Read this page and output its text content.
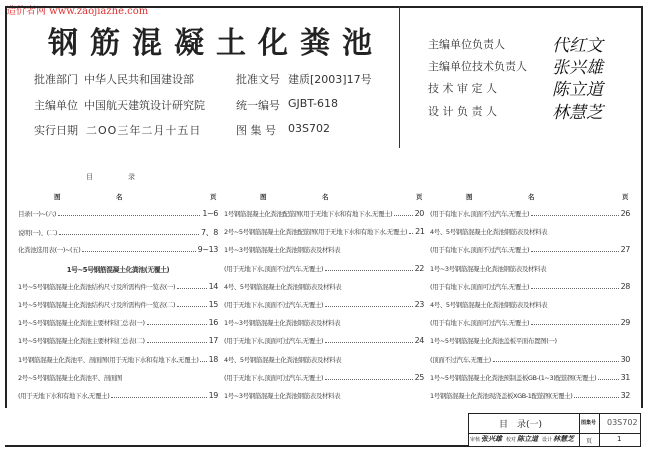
造价者网 www.zaojiazhe.com
钢筋混凝土化粪池
批准部门 中华人民共和国建设部
主编单位 中国航天建筑设计研究院
实行日期 二OO三年二月十五日
批准文号 建质[2003]17号
统一编号 GJBT-618
图 集 号 03S702
主编单位负责人	代红文
主编单位技术负责人 张兴雄
技 术 审 定 人	陈立道
设 计 负 责 人	林慧芝
目　　　　　录
图	名	页
目录(一)~(六)	1~6
说明(一)、(二)	7、8
化粪池选用表(一)~(五)	9~13
1号~5号钢筋混凝土化粪池(无覆土)
1号~5号钢筋混凝土化粪池结构尺寸及所需构件一览表(一)	14
1号~5号钢筋混凝土化粪池结构尺寸及所需构件一览表(二)	15
1号~5号钢筋混凝土化粪池主要材料汇总表(一)	16
1号~5号钢筋混凝土化粪池主要材料汇总表(二)	17
1号钢筋混凝土化粪池平、剖面图(用于无地下水和有地下水,无覆土) 18
2号~5号钢筋混凝土化粪池平、剖面图
(用于无地下水和有地下水,无覆土)	19
图	名	页
1号钢筋混凝土化粪池配筋图(用于无地下水和有地下水,无覆土)	20
2号~5号钢筋混凝土化粪池配筋图(用于无地下水和有地下水,无覆土) 21
1号~3号钢筋混凝土化粪池钢筋表及材料表
(用于无地下水,顶面不过汽车,无覆土)	22
4号、5号钢筋混凝土化粪池钢筋表及材料表
(用于无地下水,顶面不过汽车,无覆土)	23
1号~3号钢筋混凝土化粪池钢筋表及材料表
(用于无地下水,顶面可过汽车,无覆土)	24
4号、5号钢筋混凝土化粪池钢筋表及材料表
(用于无地下水,顶面可过汽车,无覆土)	25
1号~3号钢筋混凝土化粪池钢筋表及材料表
图	名	页
(用于有地下水,顶面不过汽车,无覆土)	26
4号、5号钢筋混凝土化粪池钢筋表及材料表
(用于有地下水,顶面不过汽车,无覆土)	27
1号~3号钢筋混凝土化粪池钢筋表及材料表
(用于有地下水,顶面可过汽车,无覆土)	28
4号、5号钢筋混凝土化粪池钢筋表及材料表
(用于有地下水,顶面可过汽车,无覆土)	29
1号~5号钢筋混凝土化粪池盖板平面布置图(一)
(顶面不过汽车,无覆土)	30
1号~5号钢筋混凝土化粪池预制盖板GB-(1~3)配筋图(无覆土)	31
1号钢筋混凝土化粪池现浇盖板XGB-1配筋图(无覆土)	32
目　录(一)	图集号 03S702
审核 张兴雄 校对 陈立道 设计 林慧芝 页	1
